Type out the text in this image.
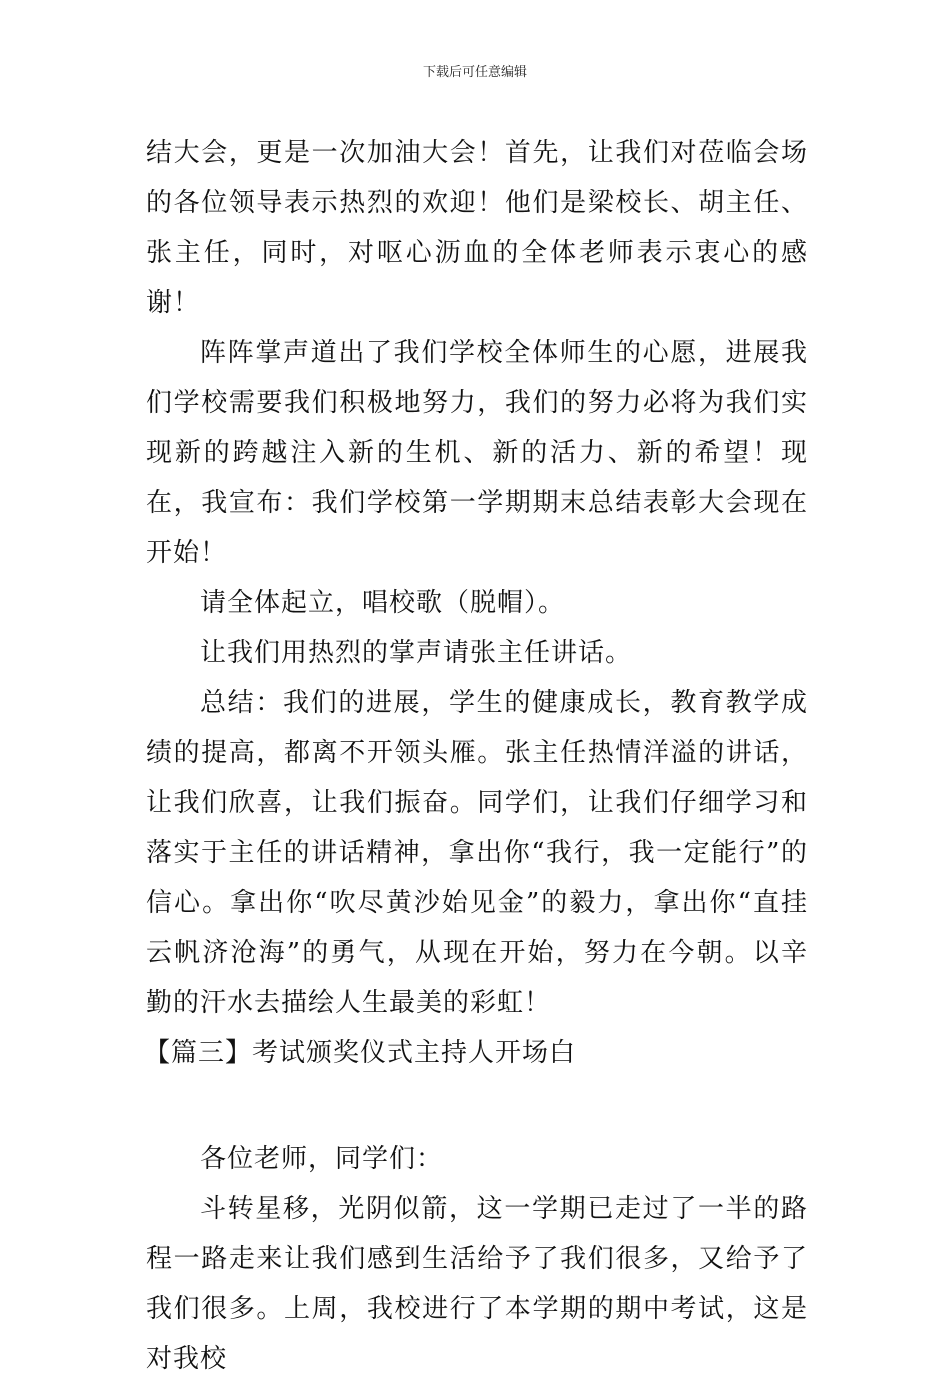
下载后可任意编辑

结大会，更是一次加油大会！首先，让我们对莅临会场的各位领导表示热烈的欢迎！他们是梁校长、胡主任、张主任，同时，对呕心沥血的全体老师表示衷心的感谢！

阵阵掌声道出了我们学校全体师生的心愿，进展我们学校需要我们积极地努力，我们的努力必将为我们实现新的跨越注入新的生机、新的活力、新的希望！现在，我宣布：我们学校第一学期期末总结表彰大会现在开始！

请全体起立，唱校歌（脱帽）。

让我们用热烈的掌声请张主任讲话。

总结：我们的进展，学生的健康成长，教育教学成绩的提高，都离不开领头雁。张主任热情洋溢的讲话，让我们欣喜，让我们振奋。同学们，让我们仔细学习和落实于主任的讲话精神，拿出你“我行，我一定能行”的信心。拿出你“吹尽黄沙始见金”的毅力，拿出你“直挂云帆济沧海”的勇气，从现在开始，努力在今朝。以辛勤的汗水去描绘人生最美的彩虹！

【篇三】考试颁奖仪式主持人开场白

各位老师，同学们：

斗转星移，光阴似箭，这一学期已走过了一半的路程一路走来让我们感到生活给予了我们很多，又给予了我们很多。上周，我校进行了本学期的期中考试，这是对我校
